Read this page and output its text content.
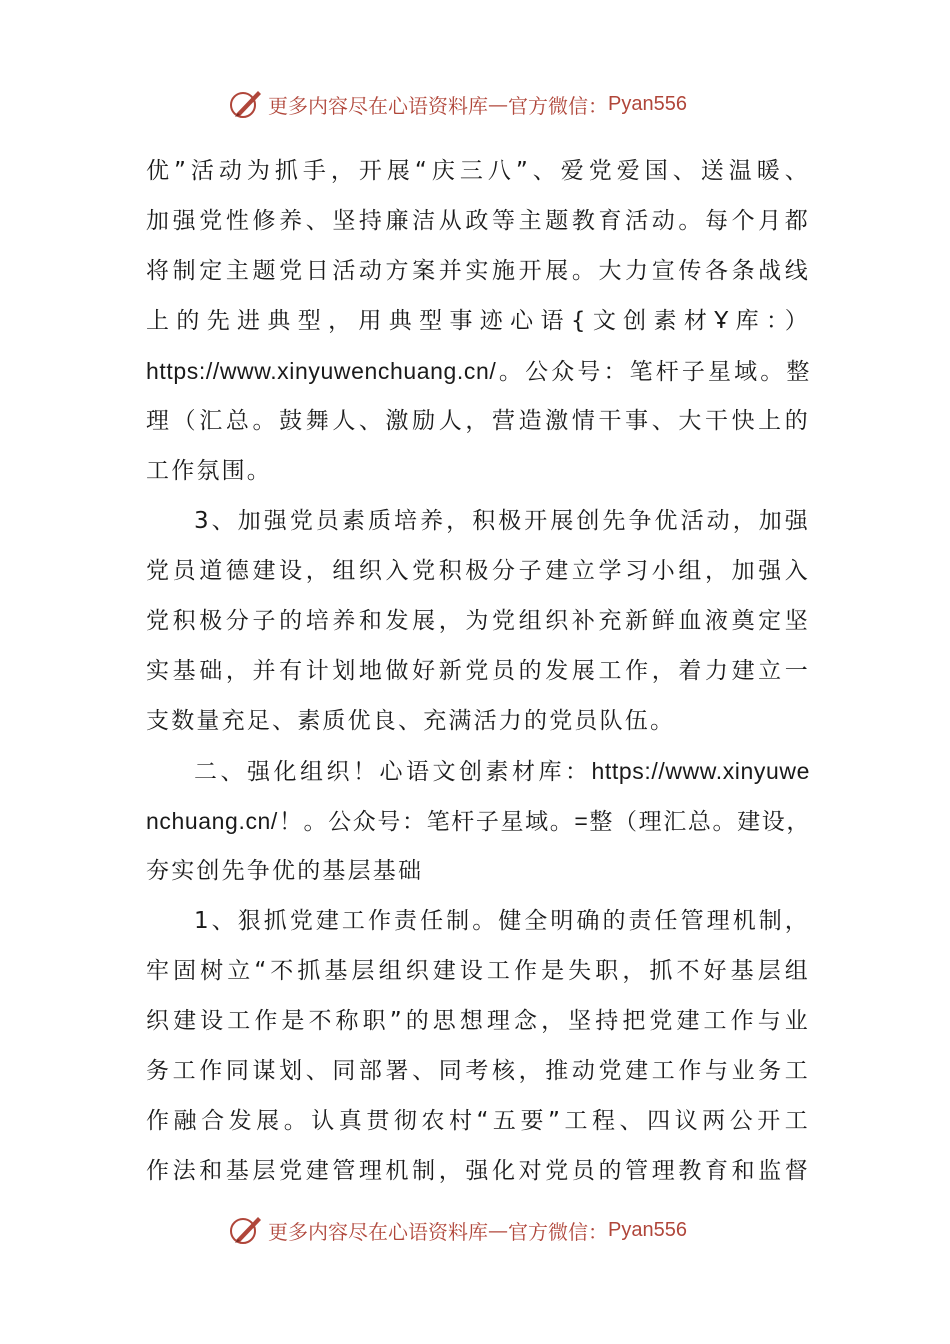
更多内容尽在心语资料库 — 官方微信： Pyan556
优”活动为抓手，开展“庆三八”、爱党爱国、送温暖、
加强党性修养、坚持廉洁从政等主题教育活动。每个月都
将制定主题党日活动方案并实施开展。大力宣传各条战线
上的先进典型，用典型事迹心语{文创素材Ұ库：）
https://www.xinyuwenchuang.cn/。公众号：笔杆子星域。整
理（汇总。鼓舞人、激励人，营造激情干事、大干快上的
工作氛围。
3、加强党员素质培养，积极开展创先争优活动，加强
党员道德建设，组织入党积极分子建立学习小组，加强入
党积极分子的培养和发展，为党组织补充新鲜血液奠定坚
实基础，并有计划地做好新党员的发展工作，着力建立一
支数量充足、素质优良、充满活力的党员队伍。
二、强化组织！心语文创素材库：https://www.xinyuwe
nchuang.cn/！。公众号：笔杆子星域。=整（理汇总。建设，
夯实创先争优的基层基础
1、狠抓党建工作责任制。健全明确的责任管理机制，
牢固树立“不抓基层组织建设工作是失职，抓不好基层组
织建设工作是不称职”的思想理念，坚持把党建工作与业
务工作同谋划、同部署、同考核，推动党建工作与业务工
作融合发展。认真贯彻农村“五要”工程、四议两公开工
作法和基层党建管理机制，强化对党员的管理教育和监督
更多内容尽在心语资料库 — 官方微信： Pyan556
